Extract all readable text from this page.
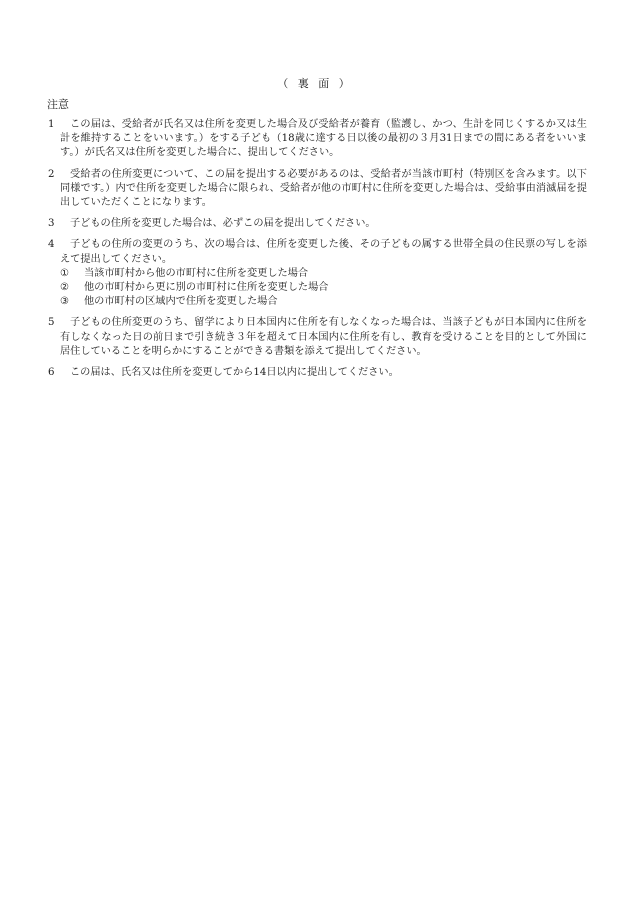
（ 裏 面 ）
注意
1	この届は、受給者が氏名又は住所を変更した場合及び受給者が養育（監護し、かつ、生計を同じくするか又は生計を維持することをいいます。）をする子ども（18歳に達する日以後の最初の３月31日までの間にある者をいいます。）が氏名又は住所を変更した場合に、提出してください。
2	受給者の住所変更について、この届を提出する必要があるのは、受給者が当該市町村（特別区を含みます。以下同様です。）内で住所を変更した場合に限られ、受給者が他の市町村に住所を変更した場合は、受給事由消滅届を提出していただくことになります。
3	子どもの住所を変更した場合は、必ずこの届を提出してください。
4	子どもの住所の変更のうち、次の場合は、住所を変更した後、その子どもの属する世帯全員の住民票の写しを添えて提出してください。
① 当該市町村から他の市町村に住所を変更した場合
② 他の市町村から更に別の市町村に住所を変更した場合
③ 他の市町村の区域内で住所を変更した場合
5	子どもの住所変更のうち、留学により日本国内に住所を有しなくなった場合は、当該子どもが日本国内に住所を有しなくなった日の前日まで引き続き３年を超えて日本国内に住所を有し、教育を受けることを目的として外国に居住していることを明らかにすることができる書類を添えて提出してください。
6	この届は、氏名又は住所を変更してから14日以内に提出してください。
